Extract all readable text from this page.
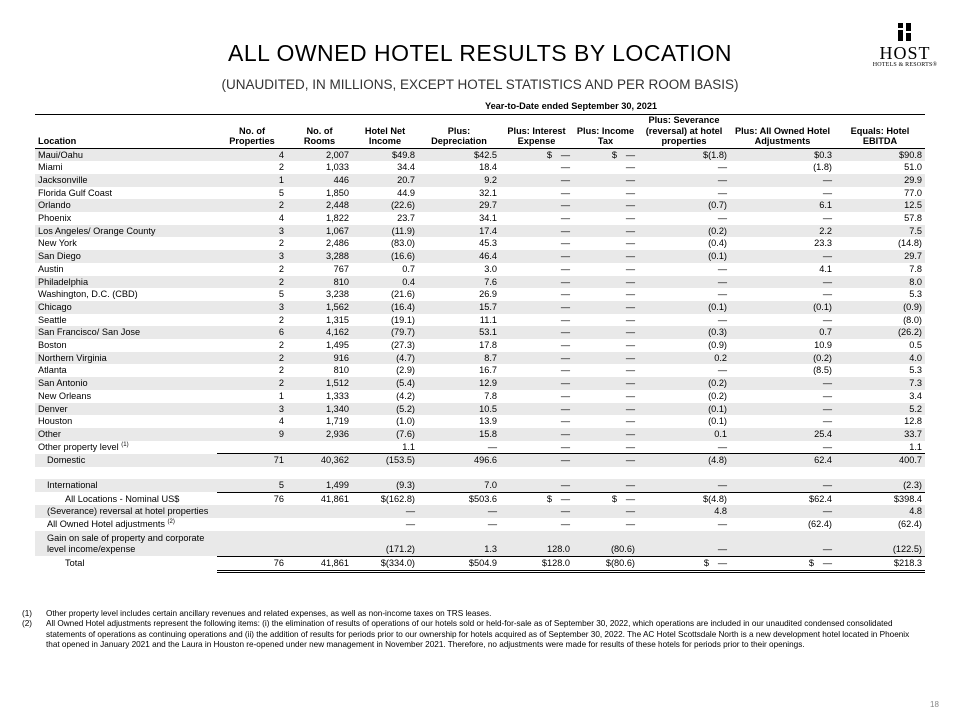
ALL OWNED HOTEL RESULTS BY LOCATION
(UNAUDITED, IN MILLIONS, EXCEPT HOTEL STATISTICS AND PER ROOM BASIS)
HOST
HOTELS & RESORTS®
	Year-to-Date ended September 30, 2021								
Location	No. of Properties	No. of Rooms	Hotel Net Income	Plus: Depreciation	Plus: Interest Expense	Plus: Income Tax	Plus: Severance (reversal) at hotel properties	Plus: All Owned Hotel Adjustments	Equals: Hotel EBITDA
Maui/Oahu	4	2,007	$49.8	$42.5	$ —	$ —	$(1.8)	$0.3	$90.8
Miami	2	1,033	34.4	18.4	—	—	—	(1.8)	51.0
Jacksonville	1	446	20.7	9.2	—	—	—	—	29.9
Florida Gulf Coast	5	1,850	44.9	32.1	—	—	—	—	77.0
Orlando	2	2,448	(22.6)	29.7	—	—	(0.7)	6.1	12.5
Phoenix	4	1,822	23.7	34.1	—	—	—	—	57.8
Los Angeles/ Orange County	3	1,067	(11.9)	17.4	—	—	(0.2)	2.2	7.5
New York	2	2,486	(83.0)	45.3	—	—	(0.4)	23.3	(14.8)
San Diego	3	3,288	(16.6)	46.4	—	—	(0.1)	—	29.7
Austin	2	767	0.7	3.0	—	—	—	4.1	7.8
Philadelphia	2	810	0.4	7.6	—	—	—	—	8.0
Washington, D.C. (CBD)	5	3,238	(21.6)	26.9	—	—	—	—	5.3
Chicago	3	1,562	(16.4)	15.7	—	—	(0.1)	(0.1)	(0.9)
Seattle	2	1,315	(19.1)	11.1	—	—	—	—	(8.0)
San Francisco/ San Jose	6	4,162	(79.7)	53.1	—	—	(0.3)	0.7	(26.2)
Boston	2	1,495	(27.3)	17.8	—	—	(0.9)	10.9	0.5
Northern Virginia	2	916	(4.7)	8.7	—	—	0.2	(0.2)	4.0
Atlanta	2	810	(2.9)	16.7	—	—	—	(8.5)	5.3
San Antonio	2	1,512	(5.4)	12.9	—	—	(0.2)	—	7.3
New Orleans	1	1,333	(4.2)	7.8	—	—	(0.2)	—	3.4
Denver	3	1,340	(5.2)	10.5	—	—	(0.1)	—	5.2
Houston	4	1,719	(1.0)	13.9	—	—	(0.1)	—	12.8
Other	9	2,936	(7.6)	15.8	—	—	0.1	25.4	33.7
Other property level $^{(1)}$			1.1	—	—	—	—	—	1.1
Domestic	71	40,362	(153.5)	496.6	—	—	(4.8)	62.4	400.7

International	5	1,499	(9.3)	7.0	—	—	—	—	(2.3)
All Locations - Nominal US$	76	41,861	$(162.8)	$503.6	$ —	$ —	$(4.8)	$62.4	$398.4
(Severance) reversal at hotel properties			—	—	—	—	4.8	—	4.8
All Owned Hotel adjustments $^{(2)}$			—	—	—	—	—	(62.4)	(62.4)
Gain on sale of property and corporate level income/expense			(171.2)	1.3	128.0	(80.6)	—	—	(122.5)
Total	76	41,861	$(334.0)	$504.9	$128.0	$(80.6)	$ —	$ —	$218.3
(1)	Other property level includes certain ancillary revenues and related expenses, as well as non-income taxes on TRS leases.
(2)	All Owned Hotel adjustments represent the following items: (i) the elimination of results of operations of our hotels sold or held-for-sale as of September 30, 2022, which operations are included in our unaudited condensed consolidated statements of operations as continuing operations and (ii) the addition of results for periods prior to our ownership for hotels acquired as of September 30, 2022. The AC Hotel Scottsdale North is a new development hotel located in Phoenix that opened in January 2021 and the Laura in Houston re-opened under new management in November 2021. Therefore, no adjustments were made for results of these hotels for periods prior to their openings.
18
